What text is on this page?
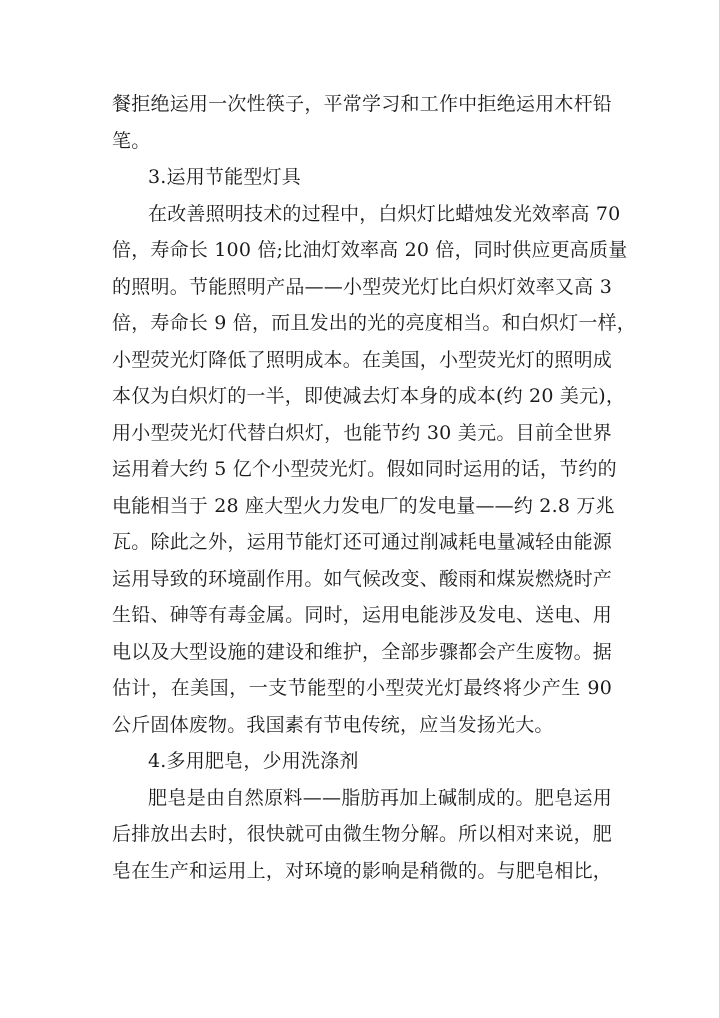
餐拒绝运用一次性筷子，平常学习和工作中拒绝运用木杆铅
笔。
3.运用节能型灯具
在改善照明技术的过程中，白炽灯比蜡烛发光效率高 70
倍，寿命长 100 倍;比油灯效率高 20 倍，同时供应更高质量
的照明。节能照明产品——小型荧光灯比白炽灯效率又高 3
倍，寿命长 9 倍，而且发出的光的亮度相当。和白炽灯一样，
小型荧光灯降低了照明成本。在美国，小型荧光灯的照明成
本仅为白炽灯的一半，即使减去灯本身的成本(约 20 美元)，
用小型荧光灯代替白炽灯，也能节约 30 美元。目前全世界
运用着大约 5 亿个小型荧光灯。假如同时运用的话，节约的
电能相当于 28 座大型火力发电厂的发电量——约 2.8 万兆
瓦。除此之外，运用节能灯还可通过削减耗电量减轻由能源
运用导致的环境副作用。如气候改变、酸雨和煤炭燃烧时产
生铅、砷等有毒金属。同时，运用电能涉及发电、送电、用
电以及大型设施的建设和维护，全部步骤都会产生废物。据
估计，在美国，一支节能型的小型荧光灯最终将少产生 90
公斤固体废物。我国素有节电传统，应当发扬光大。
4.多用肥皂，少用洗涤剂
肥皂是由自然原料——脂肪再加上碱制成的。肥皂运用
后排放出去时，很快就可由微生物分解。所以相对来说，肥
皂在生产和运用上，对环境的影响是稍微的。与肥皂相比，
